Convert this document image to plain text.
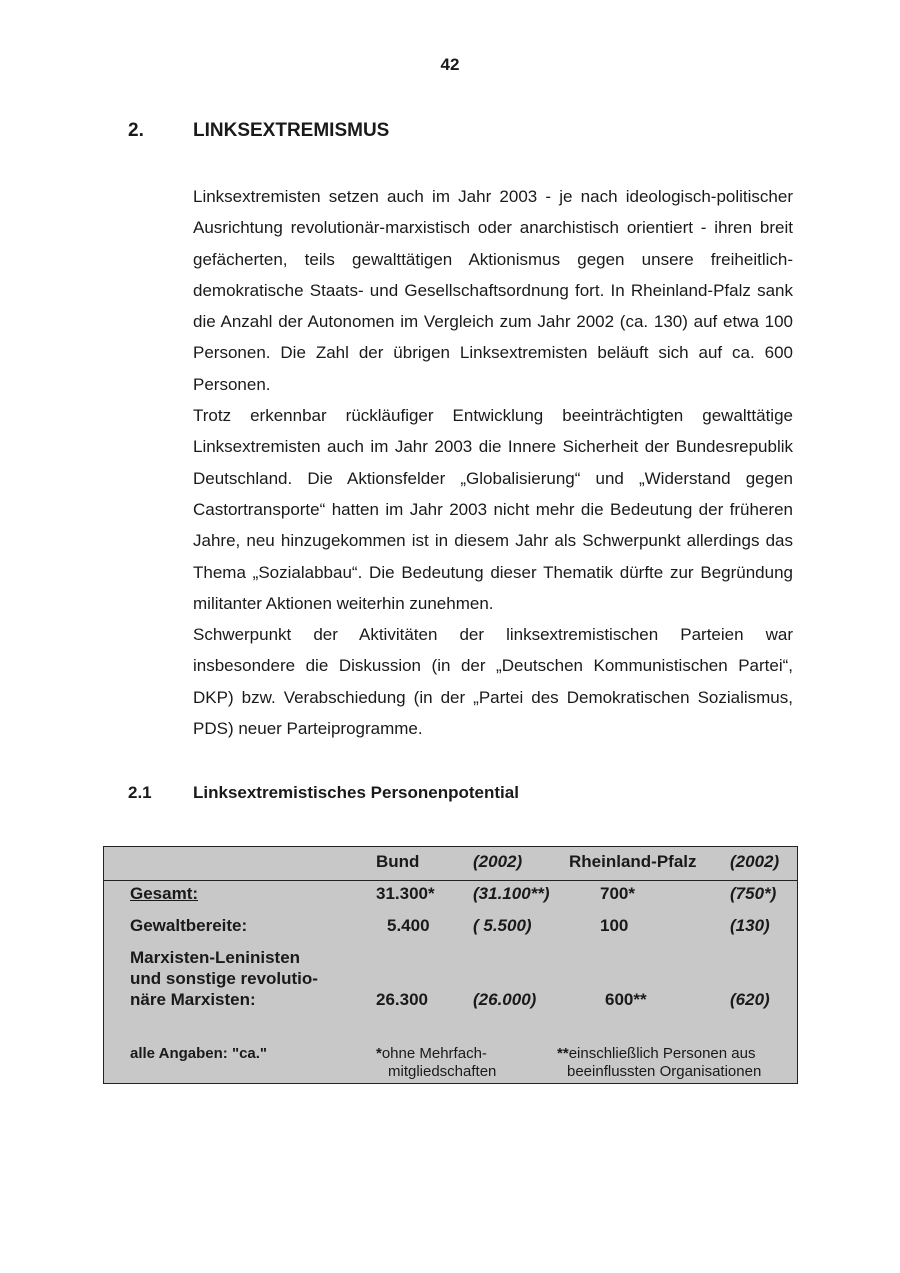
42
2.	LINKSEXTREMISMUS

Linksextremisten setzen auch im Jahr 2003 - je nach ideologisch-politischer Ausrichtung revolutionär-marxistisch oder anarchistisch orientiert - ihren breit gefächerten, teils gewalttätigen Aktionismus gegen unsere freiheitlich-demokratische Staats- und Gesellschaftsordnung fort. In Rheinland-Pfalz sank die Anzahl der Autonomen im Vergleich zum Jahr 2002 (ca. 130) auf etwa 100 Personen. Die Zahl der übrigen Linksextremisten beläuft sich auf ca. 600 Personen.

Trotz erkennbar rückläufiger Entwicklung beeinträchtigten gewalttätige Linksextremisten auch im Jahr 2003 die Innere Sicherheit der Bundesrepublik Deutschland. Die Aktionsfelder „Globalisierung“ und „Widerstand gegen Castortransporte“ hatten im Jahr 2003 nicht mehr die Bedeutung der früheren Jahre, neu hinzugekommen ist in diesem Jahr als Schwerpunkt allerdings das Thema „Sozialabbau“. Die Bedeutung dieser Thematik dürfte zur Begründung militanter Aktionen weiterhin zunehmen.

Schwerpunkt der Aktivitäten der linksextremistischen Parteien war insbesondere die Diskussion (in der „Deutschen Kommunistischen Partei“, DKP) bzw. Verabschiedung (in der „Partei des Demokratischen Sozialismus, PDS) neuer Parteiprogramme.

2.1 Linksextremistisches Personenpotential
Bund	(2002)	Rheinland-Pfalz (2002)
Gesamt:	31.300* (31.100**)	700*	(750*)
Gewaltbereite:	5.400	( 5.500)	100	(130)
Marxisten-Leninisten
und sonstige revolutio-
näre Marxisten:	26.300	(26.000)	600**	(620)
alle Angaben: "ca."	*ohne Mehrfach-
mitgliedschaften
**einschließlich Personen aus
beeinflussten Organisationen
